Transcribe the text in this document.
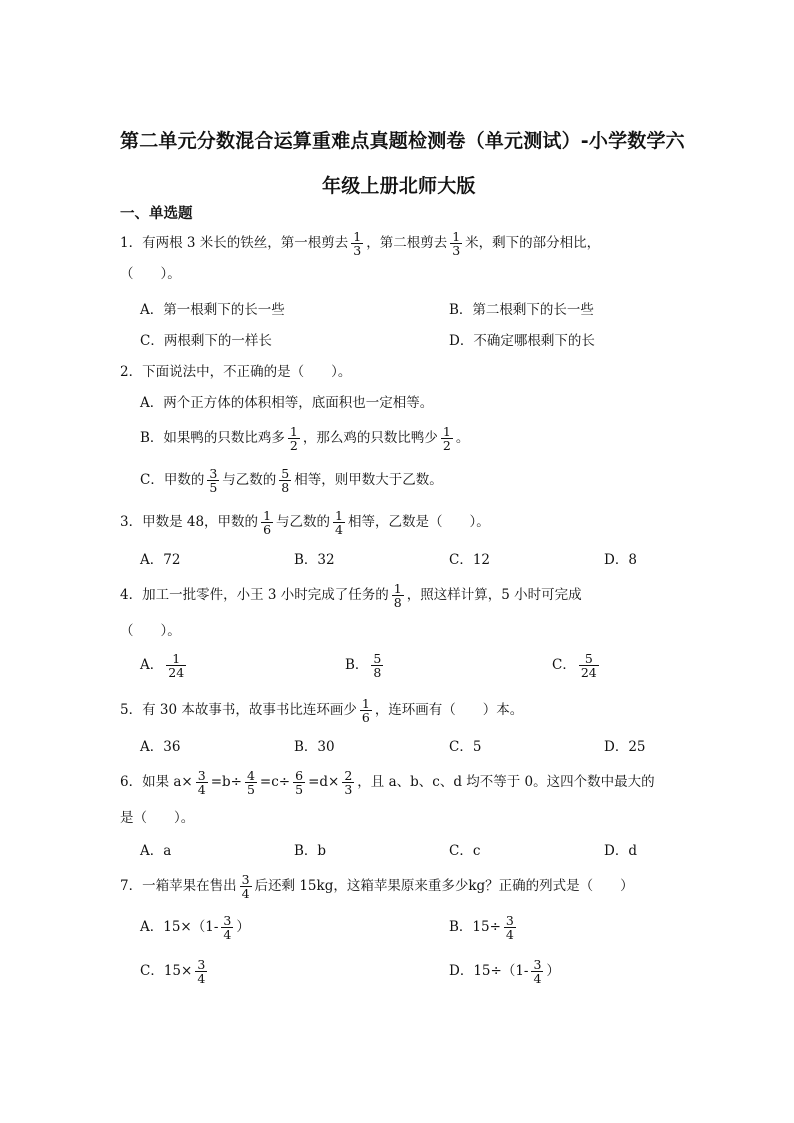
第二单元分数混合运算重难点真题检测卷（单元测试）-小学数学六
年级上册北师大版
一、单选题
1．有两根 3 米长的铁丝，第一根剪去 $\frac{1}{3}$ ，第二根剪去 $\frac{1}{3}$ 米，剩下的部分相比，
（　　）。
A．第一根剩下的长一些	B．第二根剩下的长一些
C．两根剩下的一样长	D．不确定哪根剩下的长
2．下面说法中，不正确的是（　　）。
A．两个正方体的体积相等，底面积也一定相等。
B．如果鸭的只数比鸡多 $\frac{1}{2}$ ，那么鸡的只数比鸭少 $\frac{1}{2}$ 。
C．甲数的 $\frac{3}{5}$ 与乙数的 $\frac{5}{8}$ 相等，则甲数大于乙数。
3．甲数是 48，甲数的 $\frac{1}{6}$ 与乙数的 $\frac{1}{4}$ 相等，乙数是（　　）。
A．72	B．32	C．12	D．8
4．加工一批零件，小王 3 小时完成了任务的 $\frac{1}{8}$ ，照这样计算，5 小时可完成
（　　）。
A． $\frac{1}{24}$	B． $\frac{5}{8}$	C． $\frac{5}{24}$
5．有 30 本故事书，故事书比连环画少 $\frac{1}{6}$ ，连环画有（　　）本。
A．36	B．30	C．5	D．25
6．如果 $a\times \frac{3}{4} =b\div \frac{4}{5} =c\div \frac{6}{5} =d\times \frac{2}{3}$ ，且 a、b、c、d 均不等于 0。这四个数中最大的
是（　　）。
A．a	B．b	C．c	D．d
7．一箱苹果在售出 $\frac{3}{4}$ 后还剩 15kg，这箱苹果原来重多少kg？正确的列式是（　　）
A．$15\times(1- \frac{3}{4}$ ）	B．$15\div \frac{3}{4}$
C．$15\times \frac{3}{4}$	D．$15\div(1- \frac{3}{4}$ ）
